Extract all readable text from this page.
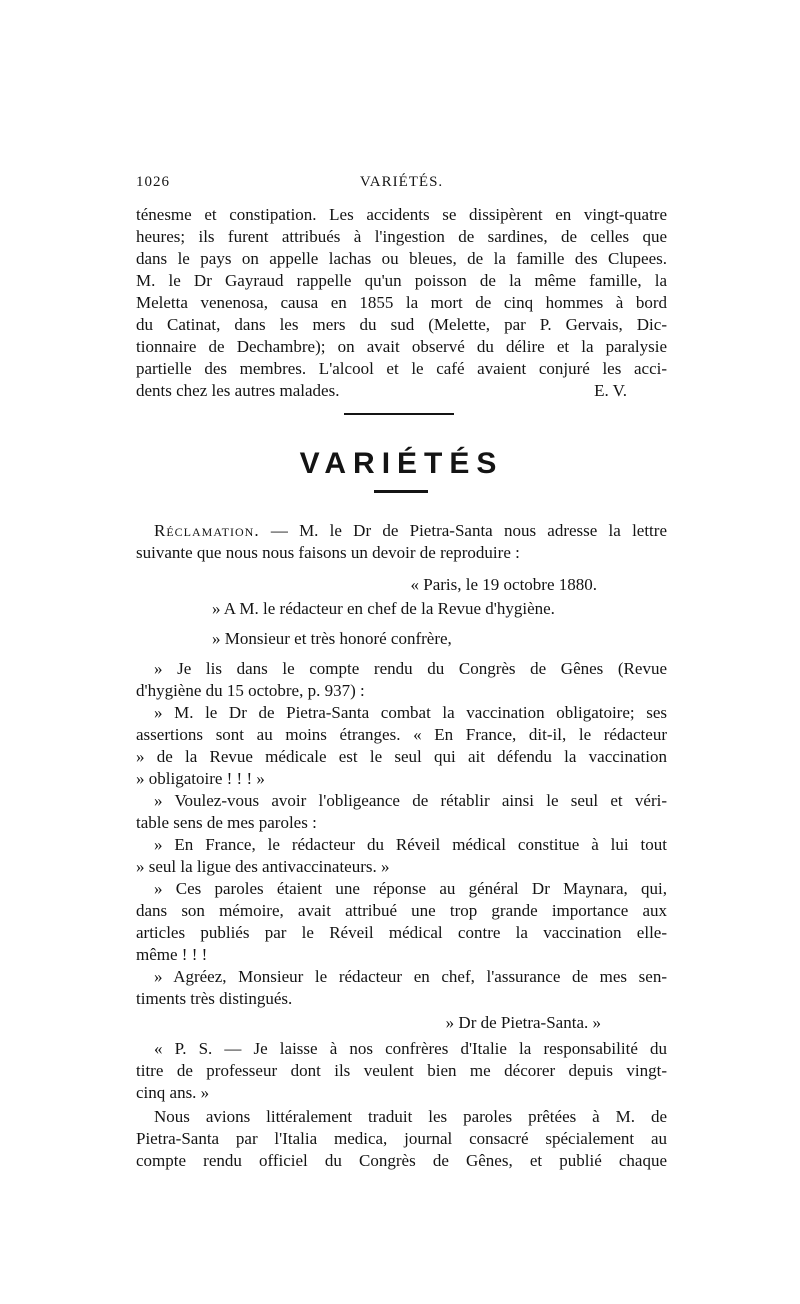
1026	VARIÉTÉS.
ténesme et constipation. Les accidents se dissipèrent en vingt-quatre
heures; ils furent attribués à l'ingestion de sardines, de celles que
dans le pays on appelle lachas ou bleues, de la famille des Clupees.
M. le Dr Gayraud rappelle qu'un poisson de la même famille, la
Meletta venenosa, causa en 1855 la mort de cinq hommes à bord
du Catinat, dans les mers du sud (Melette, par P. Gervais, Dic-
tionnaire de Dechambre); on avait observé du délire et la paralysie
partielle des membres. L'alcool et le café avaient conjuré les acci-
dents chez les autres malades.	E. V.
VARIÉTÉS
Réclamation. — M. le Dr de Pietra-Santa nous adresse la lettre
suivante que nous nous faisons un devoir de reproduire :
« Paris, le 19 octobre 1880.
» A M. le rédacteur en chef de la Revue d'hygiène.
» Monsieur et très honoré confrère,
» Je lis dans le compte rendu du Congrès de Gênes (Revue
d'hygiène du 15 octobre, p. 937) :
» M. le Dr de Pietra-Santa combat la vaccination obligatoire; ses
assertions sont au moins étranges. « En France, dit-il, le rédacteur
» de la Revue médicale est le seul qui ait défendu la vaccination
» obligatoire ! ! ! »
» Voulez-vous avoir l'obligeance de rétablir ainsi le seul et véri-
table sens de mes paroles :
» En France, le rédacteur du Réveil médical constitue à lui tout
» seul la ligue des antivaccinateurs. »
» Ces paroles étaient une réponse au général Dr Maynara, qui,
dans son mémoire, avait attribué une trop grande importance aux
articles publiés par le Réveil médical contre la vaccination elle-
même ! ! !
» Agréez, Monsieur le rédacteur en chef, l'assurance de mes sen-
timents très distingués.
» Dr de Pietra-Santa. »
« P. S. — Je laisse à nos confrères d'Italie la responsabilité du
titre de professeur dont ils veulent bien me décorer depuis vingt-
cinq ans. »
Nous avions littéralement traduit les paroles prêtées à M. de
Pietra-Santa par l'Italia medica, journal consacré spécialement au
compte rendu officiel du Congrès de Gênes, et publié chaque
